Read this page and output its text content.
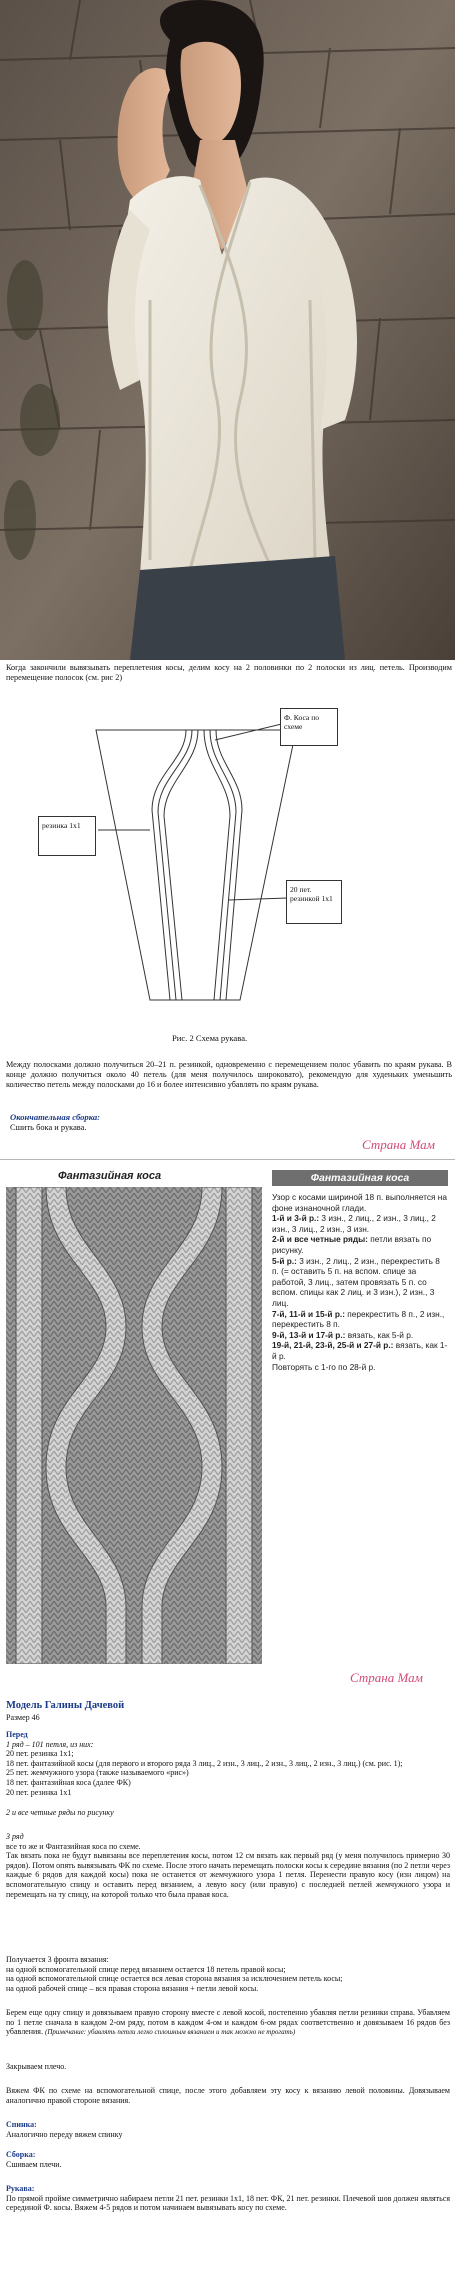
Когда закончили вывязывать переплетения косы, делим косу на 2 половинки по 2 полоски из лиц. петель. Производим перемещение полосок (см. рис 2)
резинка 1х1
Ф. Коса по схеме
20 пет. резинкой 1х1
Рис. 2 Схема рукава.
Между полосками должно получиться 20–21 п. резинкой, одновременно с перемещением полос убавить по краям рукава. В конце должно получиться около 40 петель (для меня получилось широковато), рекомендую для худеньких уменьшить количество петель между полосками до 16 и более интенсивно убавлять по краям рукава.
Окончательная сборка:
Сшить бока и рукава.
Страна Мам
Фантазийная коса	Фантазийная коса
Узор с косами шириной 18 п. выполняется на фоне изнаночной глади.
1-й и 3-й р.: 3 изн., 2 лиц., 2 изн., 3 лиц., 2 изн., 3 лиц., 2 изн., 3 изн.
2-й и все четные ряды: петли вязать по рисунку.
5-й р.: 3 изн., 2 лиц., 2 изн., перекрестить 8 п. (= оставить 5 п. на вспом. спице за работой, 3 лиц., затем провязать 5 п. со вспом. спицы как 2 лиц. и 3 изн.), 2 изн., 3 лиц.
7-й, 11-й и 15-й р.: перекрестить 8 п., 2 изн., перекрестить 8 п.
9-й, 13-й и 17-й р.: вязать, как 5-й р.
19-й, 21-й, 23-й, 25-й и 27-й р.: вязать, как 1-й р.
Повторять с 1-го по 28-й р.
Страна Мам
Модель Галины Дачевой
Размер 46
Перед
1 ряд – 101 петля, из них:
20 пет. резинка 1х1;
18 пет. фантазийной косы (для первого и второго ряда 3 лиц., 2 изн., 3 лиц., 2 изн., 3 лиц., 2 изн., 3 лиц.) (см. рис. 1);
25 пет. жемчужного узора (также называемого «рис»)
18 пет. фантазийная коса (далее ФК)
20 пет. резинка 1х1
2 и все четные ряды по рисунку
3 ряд
все то же и Фантазийная коса по схеме.
Так вязать пока не будут вывязаны все переплетения косы, потом 12 см вязать как первый ряд (у меня получилось примерно 30 рядов). Потом опять вывязывать ФК по схеме. После этого начать перемещать полоски косы к середине вязания (по 2 петли через каждые 6 рядов для каждой косы) пока не останется от жемчужного узора 1 петля. Перенести правую косу (изн лицом) на вспомогательную спицу и оставить перед вязанием, а левую косу (или правую) с последней петлей жемчужного узора и перемещать на ту спицу, на которой только что была правая коса.
Получается 3 фронта вязания:
на одной вспомогательной спице перед вязанием остается 18 петель правой косы;
на одной вспомогательной спице остается вся левая сторона вязания за исключением петель косы;
на одной рабочей спице – вся правая сторона вязания + петли левой косы.
Берем еще одну спицу и довязываем правую сторону вместе с левой косой, постепенно убавляя петли резинки справа. Убавляем по 1 петле сначала в каждом 2-ом ряду, потом в каждом 4-ом и каждом 6-ом рядах соответственно и довязываем 16 рядов без убавления. (Примечание: убавлять петли легко сплошным вязанием и так можно не трогать)
Закрываем плечо.
Вяжем ФК по схеме на вспомогательной спице, после этого добавляем эту косу к вязанию левой половины. Довязываем аналогично правой стороне вязания.
Спинка:
Аналогично переду вяжем спинку
Сборка:
Сшиваем плечи.
Рукава:
По прямой пройме симметрично набираем петли 21 пет. резинки 1х1, 18 пет. ФК, 21 пет. резинки. Плечевой шов должен являться серединой Ф. косы. Вяжем 4-5 рядов и потом начинаем вывязывать косу по схеме.
